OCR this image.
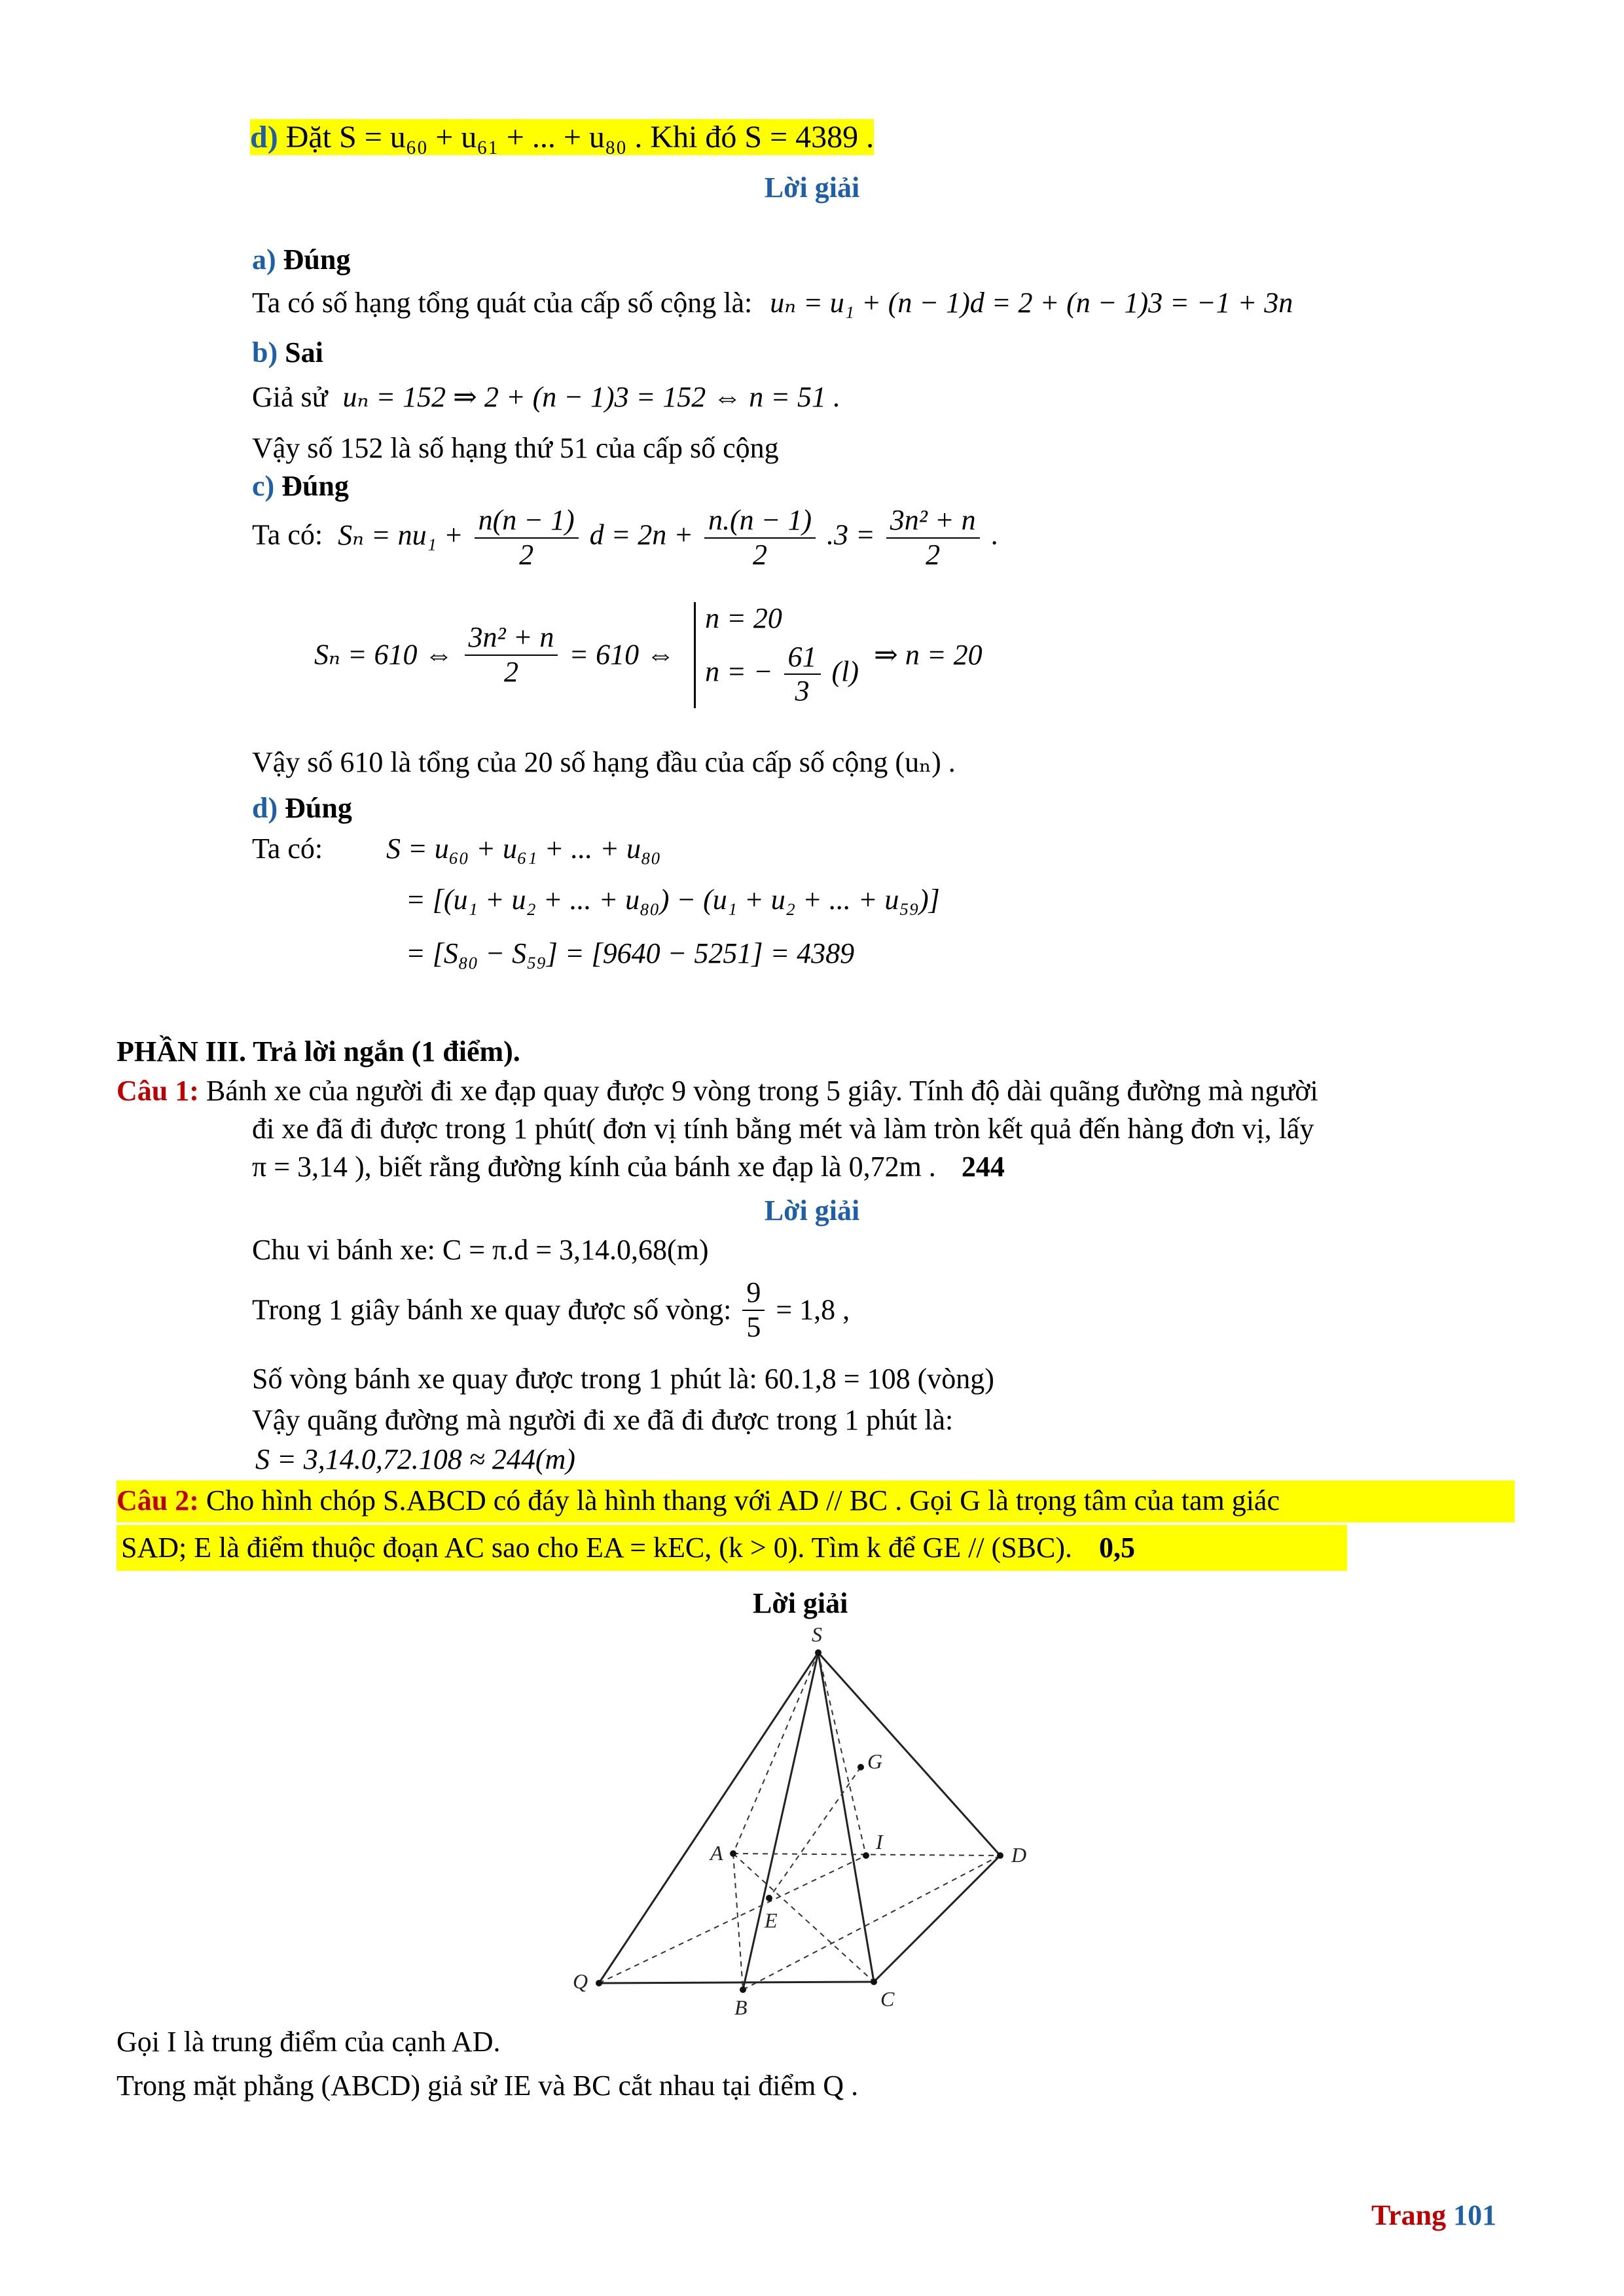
d) Đặt S = u₆₀ + u₆₁ + ... + u₈₀ . Khi đó S = 4389 .
Lời giải
a) Đúng
Ta có số hạng tổng quát của cấp số cộng là: uₙ = u₁ + (n − 1)d = 2 + (n − 1)3 = −1 + 3n
b) Sai
Giả sử uₙ = 152 ⇒ 2 + (n − 1)3 = 152 ⇔ n = 51 .
Vậy số 152 là số hạng thứ 51 của cấp số cộng
c) Đúng
Ta có: $S_n = nu_1 + \frac{n(n - 1)}{2}$ $d = 2n + \frac{n.(n - 1)}{2} .3 = \frac{\text{3n² + n}}{2}$ .
Sₙ = 610 ⇔ $\frac{\text{3n² + n}}{2} = 610$ ⇔
n = 20
n = − $\frac{61}{3} (l)$
⇒ n = 20
Vậy số 610 là tổng của 20 số hạng đầu của cấp số cộng (uₙ) .
d) Đúng
Ta có: S = u₆₀ + u₆₁ + ... + u₈₀
= [(u₁ + u₂ + ... + u₈₀) − (u₁ + u₂ + ... + u₅₉)]
= [S₈₀ − S₅₉] = [9640 − 5251] = 4389
PHẦN III. Trả lời ngắn (1 điểm).
Câu 1: Bánh xe của người đi xe đạp quay được 9 vòng trong 5 giây. Tính độ dài quãng đường mà người
đi xe đã đi được trong 1 phút( đơn vị tính bằng mét và làm tròn kết quả đến hàng đơn vị, lấy
π = 3,14 ), biết rằng đường kính của bánh xe đạp là 0,72m . 244
Lời giải
Chu vi bánh xe: C = π.d = 3,14.0,68(m)
Trong 1 giây bánh xe quay được số vòng: $\frac{9}{5} = 1,8$ ,
Số vòng bánh xe quay được trong 1 phút là: 60.1,8 = 108 (vòng)
Vậy quãng đường mà người đi xe đã đi được trong 1 phút là:
S = 3,14.0,72.108 ≈ 244(m)
Câu 2: Cho hình chóp S.ABCD có đáy là hình thang với AD // BC . Gọi G là trọng tâm của tam giác
SAD; E là điểm thuộc đoạn AC sao cho EA = kEC, (k > 0). Tìm k để GE // (SBC). 0,5
Lời giải
S
A
B	C
D
G
I
E
Q
Gọi I là trung điểm của cạnh AD.
Trong mặt phẳng (ABCD) giả sử IE và BC cắt nhau tại điểm Q .
Trang 101
